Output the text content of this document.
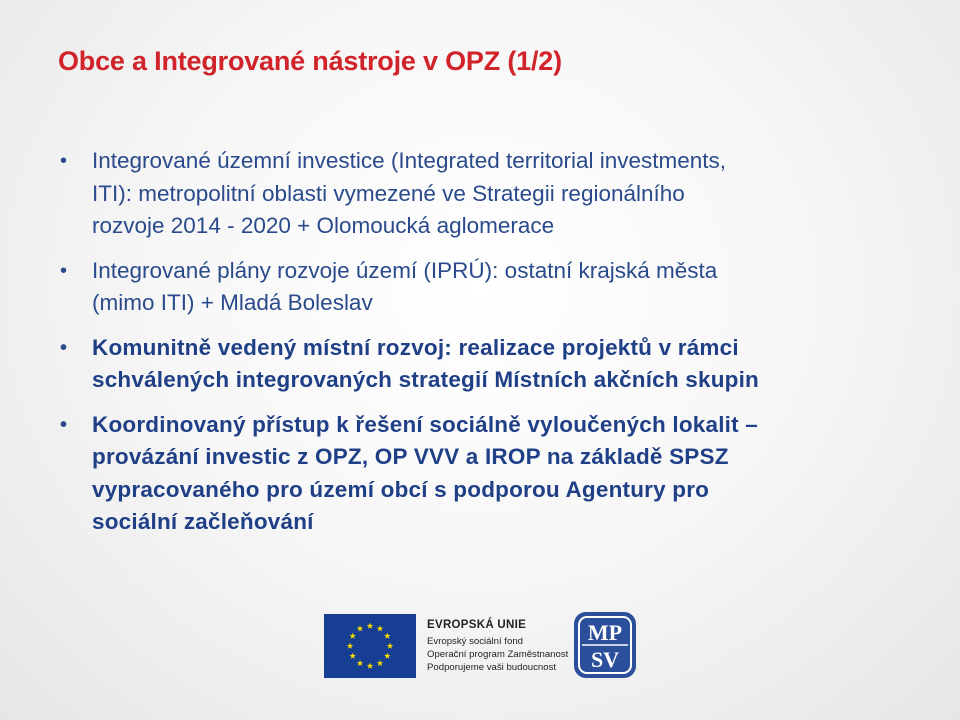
Obce a Integrované nástroje v OPZ (1/2)
• Integrované územní investice (Integrated territorial investments,
ITI): metropolitní oblasti vymezené ve Strategii regionálního
rozvoje 2014 - 2020 + Olomoucká aglomerace
• Integrované plány rozvoje území (IPRÚ): ostatní krajská města
(mimo ITI) + Mladá Boleslav
• Komunitně vedený místní rozvoj: realizace projektů v rámci
schválených integrovaných strategií Místních akčních skupin
• Koordinovaný přístup k řešení sociálně vyloučených lokalit –
provázání investic z OPZ, OP VVV a IROP na základě SPSZ
vypracovaného pro území obcí s podporou Agentury pro
sociální začleňování
EVROPSKÁ UNIE
Evropský sociální fond
Operační program Zaměstnanost
Podporujeme vaši budoucnost
MP
SV
